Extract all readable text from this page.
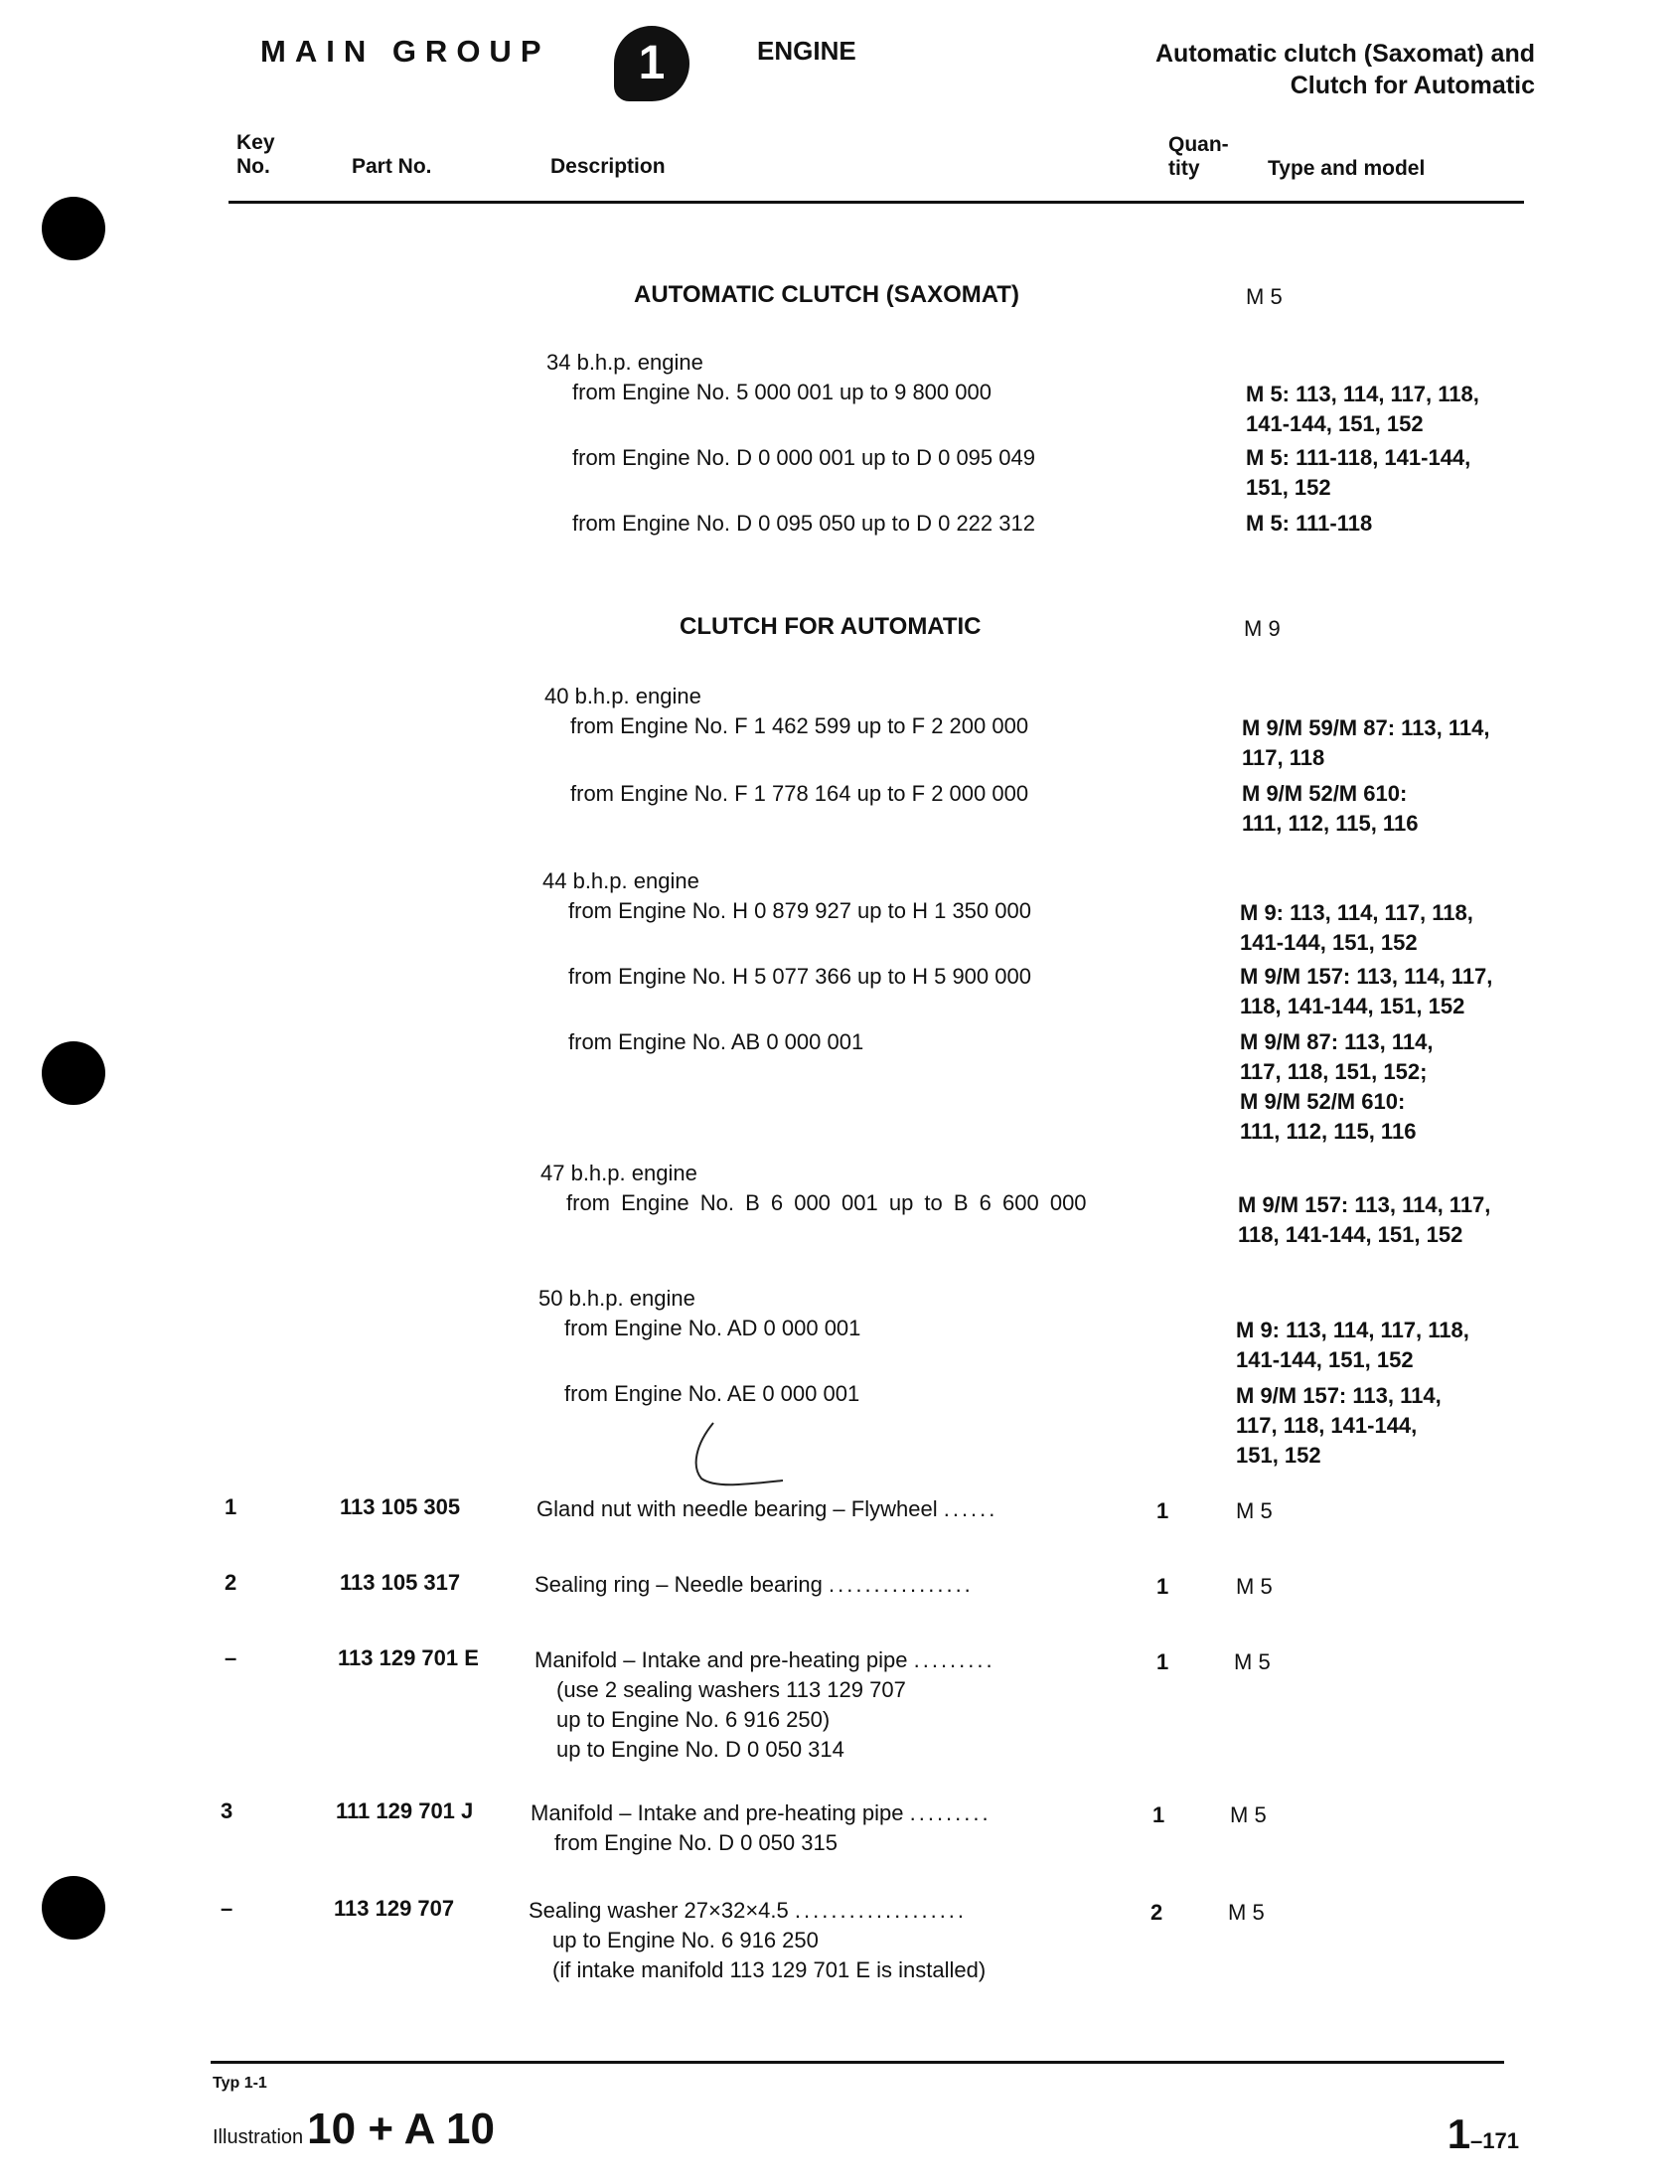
MAIN GROUP	1	ENGINE	Automatic clutch (Saxomat) and
Clutch for Automatic
Key
No.	Part No.	Description
Quan-
tity	Type and model
AUTOMATIC CLUTCH (SAXOMAT)	M 5
34 b.h.p. engine
from Engine No. 5 000 001 up to 9 800 000	M 5: 113, 114, 117, 118,
141-144, 151, 152
from Engine No. D 0 000 001 up to D 0 095 049	M 5: 111-118, 141-144,
151, 152
from Engine No. D 0 095 050 up to D 0 222 312	M 5: 111-118
CLUTCH FOR AUTOMATIC	M 9
40 b.h.p. engine
from Engine No. F 1 462 599 up to F 2 200 000	M 9/M 59/M 87: 113, 114,
117, 118
from Engine No. F 1 778 164 up to F 2 000 000	M 9/M 52/M 610:
111, 112, 115, 116
44 b.h.p. engine
from Engine No. H 0 879 927 up to H 1 350 000	M 9: 113, 114, 117, 118,
141-144, 151, 152
from Engine No. H 5 077 366 up to H 5 900 000	M 9/M 157: 113, 114, 117,
118, 141-144, 151, 152
from Engine No. AB 0 000 001	M 9/M 87: 113, 114,
117, 118, 151, 152;
M 9/M 52/M 610:
111, 112, 115, 116
47 b.h.p. engine
from Engine No. B 6 000 001 up to B 6 600 000	M 9/M 157: 113, 114, 117,
118, 141-144, 151, 152
50 b.h.p. engine
from Engine No. AD 0 000 001	M 9: 113, 114, 117, 118,
141-144, 151, 152
from Engine No. AE 0 000 001	M 9/M 157: 113, 114,
117, 118, 141-144,
151, 152
1	113 105 305	Gland nut with needle bearing – Flywheel ......	1	M 5
2	113 105 317	Sealing ring – Needle bearing ................	1	M 5
–	113 129 701 E	Manifold – Intake and pre-heating pipe .........	1	M 5
(use 2 sealing washers 113 129 707
up to Engine No. 6 916 250)
up to Engine No. D 0 050 314
3	111 129 701 J	Manifold – Intake and pre-heating pipe .........	1	M 5
from Engine No. D 0 050 315
–	113 129 707	Sealing washer 27×32×4.5 ...................	2	M 5
up to Engine No. 6 916 250
(if intake manifold 113 129 701 E is installed)
Typ 1-1
Illustration10 + A 10	1–171
